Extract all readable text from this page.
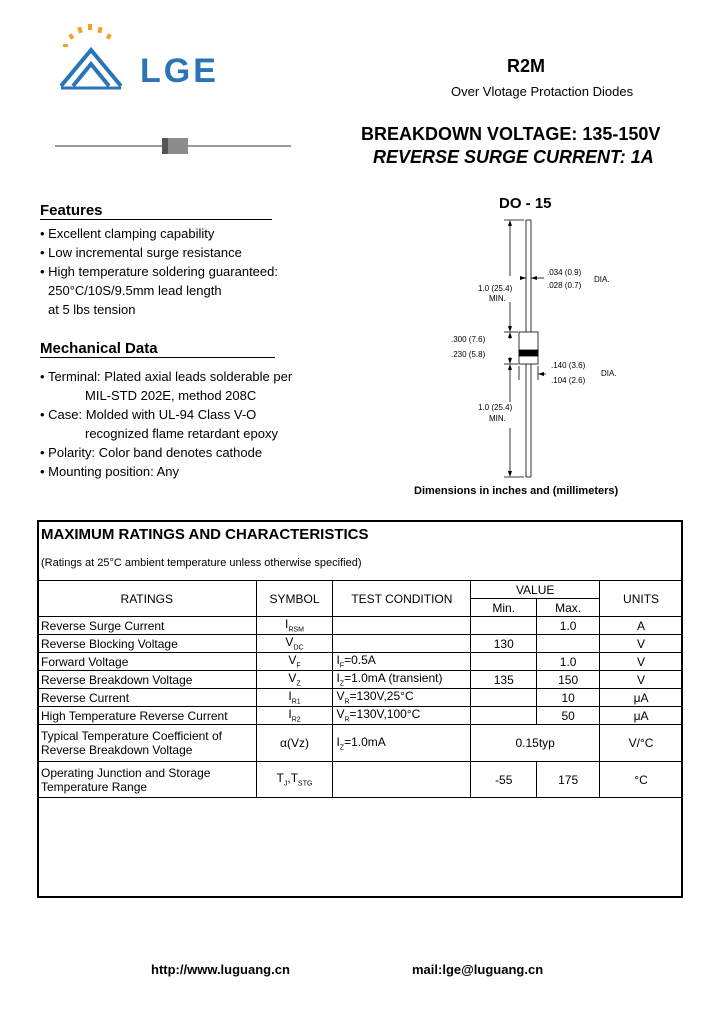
LGE	R2M
Over Vlotage Protaction Diodes
BREAKDOWN VOLTAGE: 135-150V
REVERSE SURGE CURRENT: 1A
Features
• Excellent clamping capability
• Low incremental surge resistance
• High temperature soldering guaranteed:
250°C/10S/9.5mm lead length
at 5 lbs tension
Mechanical Data
• Terminal: Plated axial leads solderable per
MIL-STD 202E, method 208C
• Case: Molded with UL-94 Class V-O
recognized flame retardant epoxy
• Polarity: Color band denotes cathode
• Mounting position: Any
DO - 15
1.0 (25.4)
MIN.
.034 (0.9)
.028 (0.7)
DIA.
.300 (7.6)
.230 (5.8)
.140 (3.6)
.104 (2.6)
DIA.
1.0 (25.4)
MIN.
Dimensions in inches and (millimeters)
MAXIMUM RATINGS AND CHARACTERISTICS
(Ratings at 25°C ambient temperature unless otherwise specified)
RATINGS	SYMBOL	TEST CONDITION	VALUE		UNITS
			Min.	Max.	
Reverse Surge Current	$I_{RSM}$			1.0	A
Reverse Blocking Voltage	$V_{DC}$		130		V
Forward Voltage	$V_F$	$I_F=0.5A$		1.0	V
Reverse Breakdown Voltage	$V_Z$	$I_Z=1.0mA$ (transient)	135	150	V
Reverse Current	$I_{R1}$	$V_R=130V,25^\circ C$		10	μA
High Temperature Reverse Current	$I_{R2}$	$V_R=130V,100^\circ C$		50	μA

Typical Temperature Coefficient of
Reverse Breakdown Voltage	α(Vz)	$I_Z=1.0mA$	0.15typ		V/°C

Operating Junction and Storage
Temperature Range	$T_J,T_{STG}$		-55	175	°C
http://www.luguang.cn	mail:lge@luguang.cn
